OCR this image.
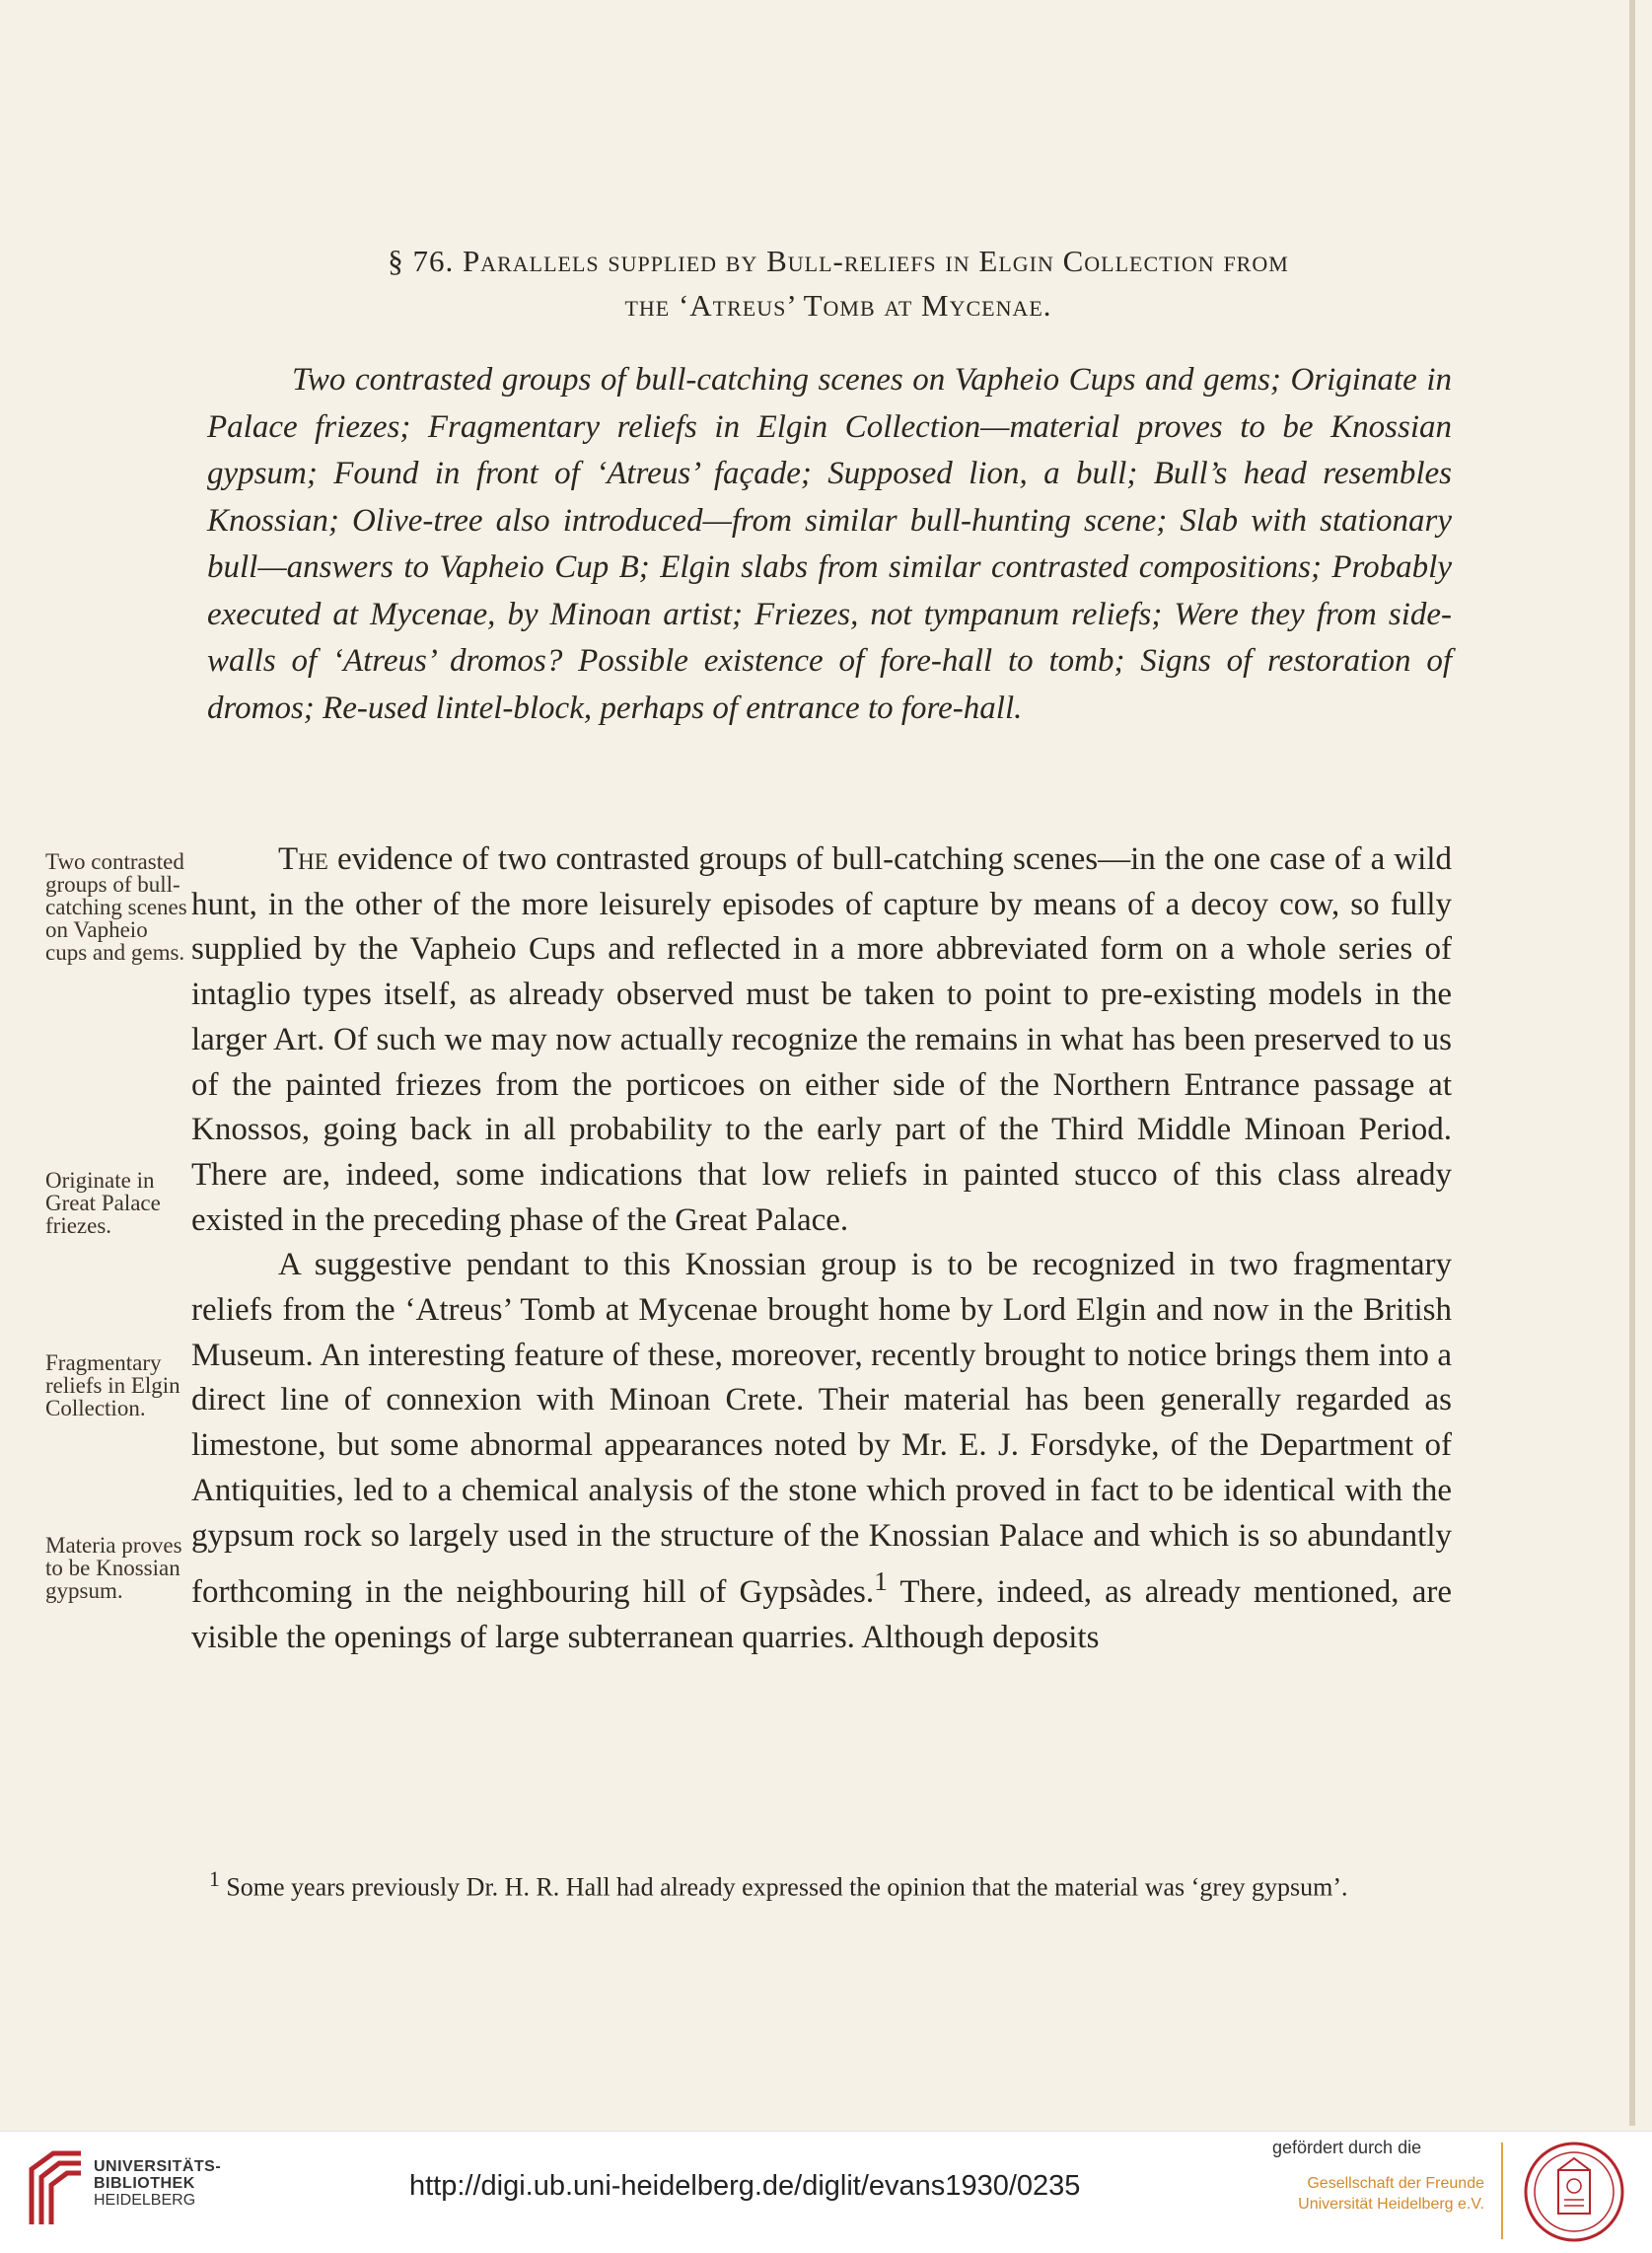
§ 76. Parallels supplied by Bull-reliefs in Elgin Collection from
the ‘Atreus’ Tomb at Mycenae.
Two contrasted groups of bull-catching scenes on Vapheio Cups and gems; Originate in Palace friezes; Fragmentary reliefs in Elgin Collection—material proves to be Knossian gypsum; Found in front of ‘Atreus’ façade; Supposed lion, a bull; Bull’s head resembles Knossian; Olive-tree also introduced—from similar bull-hunting scene; Slab with stationary bull—answers to Vapheio Cup B; Elgin slabs from similar contrasted compositions; Probably executed at Mycenae, by Minoan artist; Friezes, not tympanum reliefs; Were they from side-walls of ‘Atreus’ dromos? Possible existence of fore-hall to tomb; Signs of restoration of dromos; Re-used lintel-block, perhaps of entrance to fore-hall.
Two contrasted groups of bull-catching scenes on Vapheio cups and gems.
Originate in Great Palace friezes.
Fragmentary reliefs in Elgin Collection.
Materia proves to be Knossian gypsum.

The evidence of two contrasted groups of bull-catching scenes—in the one case of a wild hunt, in the other of the more leisurely episodes of capture by means of a decoy cow, so fully supplied by the Vapheio Cups and reflected in a more abbreviated form on a whole series of intaglio types itself, as already observed must be taken to point to pre-existing models in the larger Art. Of such we may now actually recognize the remains in what has been preserved to us of the painted friezes from the porticoes on either side of the Northern Entrance passage at Knossos, going back in all probability to the early part of the Third Middle Minoan Period. There are, indeed, some indications that low reliefs in painted stucco of this class already existed in the preceding phase of the Great Palace.

A suggestive pendant to this Knossian group is to be recognized in two fragmentary reliefs from the ‘Atreus’ Tomb at Mycenae brought home by Lord Elgin and now in the British Museum. An interesting feature of these, moreover, recently brought to notice brings them into a direct line of connexion with Minoan Crete. Their material has been generally regarded as limestone, but some abnormal appearances noted by Mr. E. J. Forsdyke, of the Department of Antiquities, led to a chemical analysis of the stone which proved in fact to be identical with the gypsum rock so largely used in the structure of the Knossian Palace and which is so abundantly forthcoming in the neighbouring hill of Gypsàdes.$^1$ There, indeed, as already mentioned, are visible the openings of large subterranean quarries. Although deposits

$^1$ Some years previously Dr. H. R. Hall had already expressed the opinion that the material was ‘grey gypsum’.
UNIVERSITÄTS-
BIBLIOTHEK
HEIDELBERG	http://digi.ub.uni-heidelberg.de/diglit/evans1930/0235
gefördert durch die
Gesellschaft der Freunde
Universität Heidelberg e.V.
